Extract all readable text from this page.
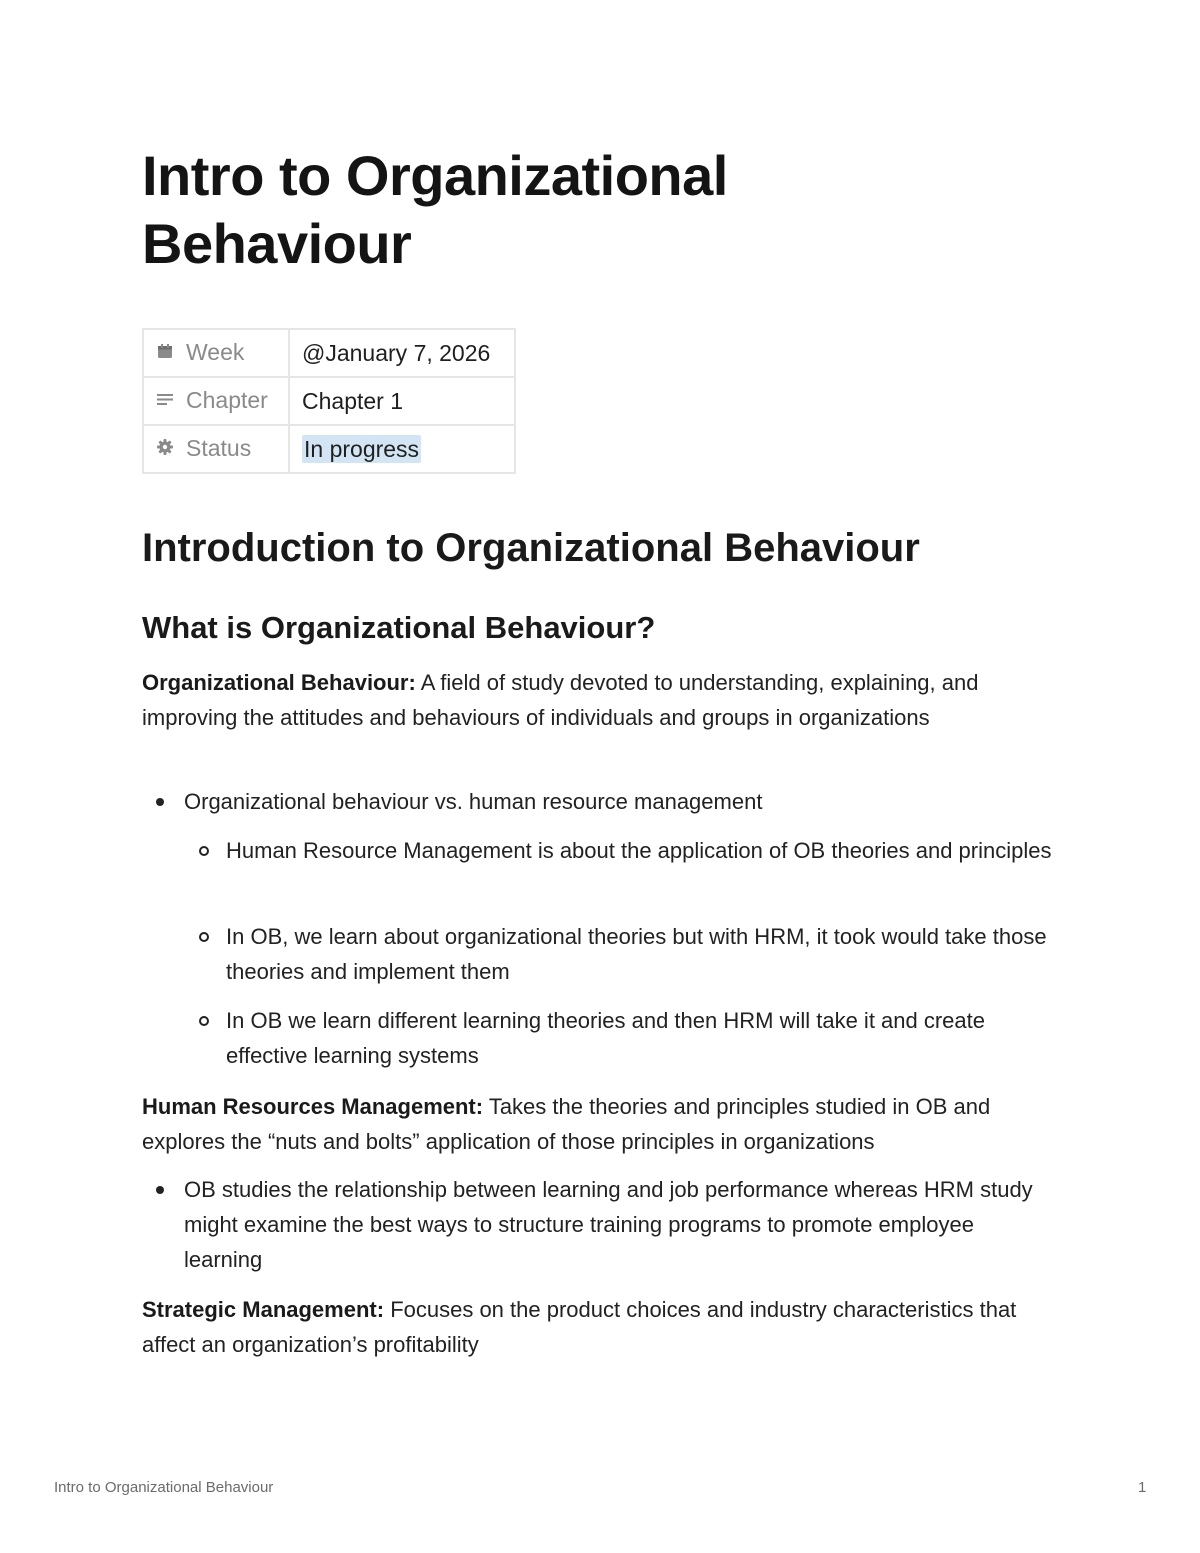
Intro to Organizational Behaviour
Week	@January 7, 2026
Chapter	Chapter 1
Status	In progress
Introduction to Organizational Behaviour
What is Organizational Behaviour?

Organizational Behaviour: A field of study devoted to understanding, explaining, and improving the attitudes and behaviours of individuals and groups in organizations

Organizational behaviour vs. human resource management

Human Resource Management is about the application of OB theories and principles

In OB, we learn about organizational theories but with HRM, it took would take those theories and implement them

In OB we learn different learning theories and then HRM will take it and create effective learning systems

Human Resources Management: Takes the theories and principles studied in OB and explores the “nuts and bolts” application of those principles in organizations

OB studies the relationship between learning and job performance whereas HRM study might examine the best ways to structure training programs to promote employee learning

Strategic Management: Focuses on the product choices and industry characteristics that affect an organization’s profitability

Intro to Organizational Behaviour	1
